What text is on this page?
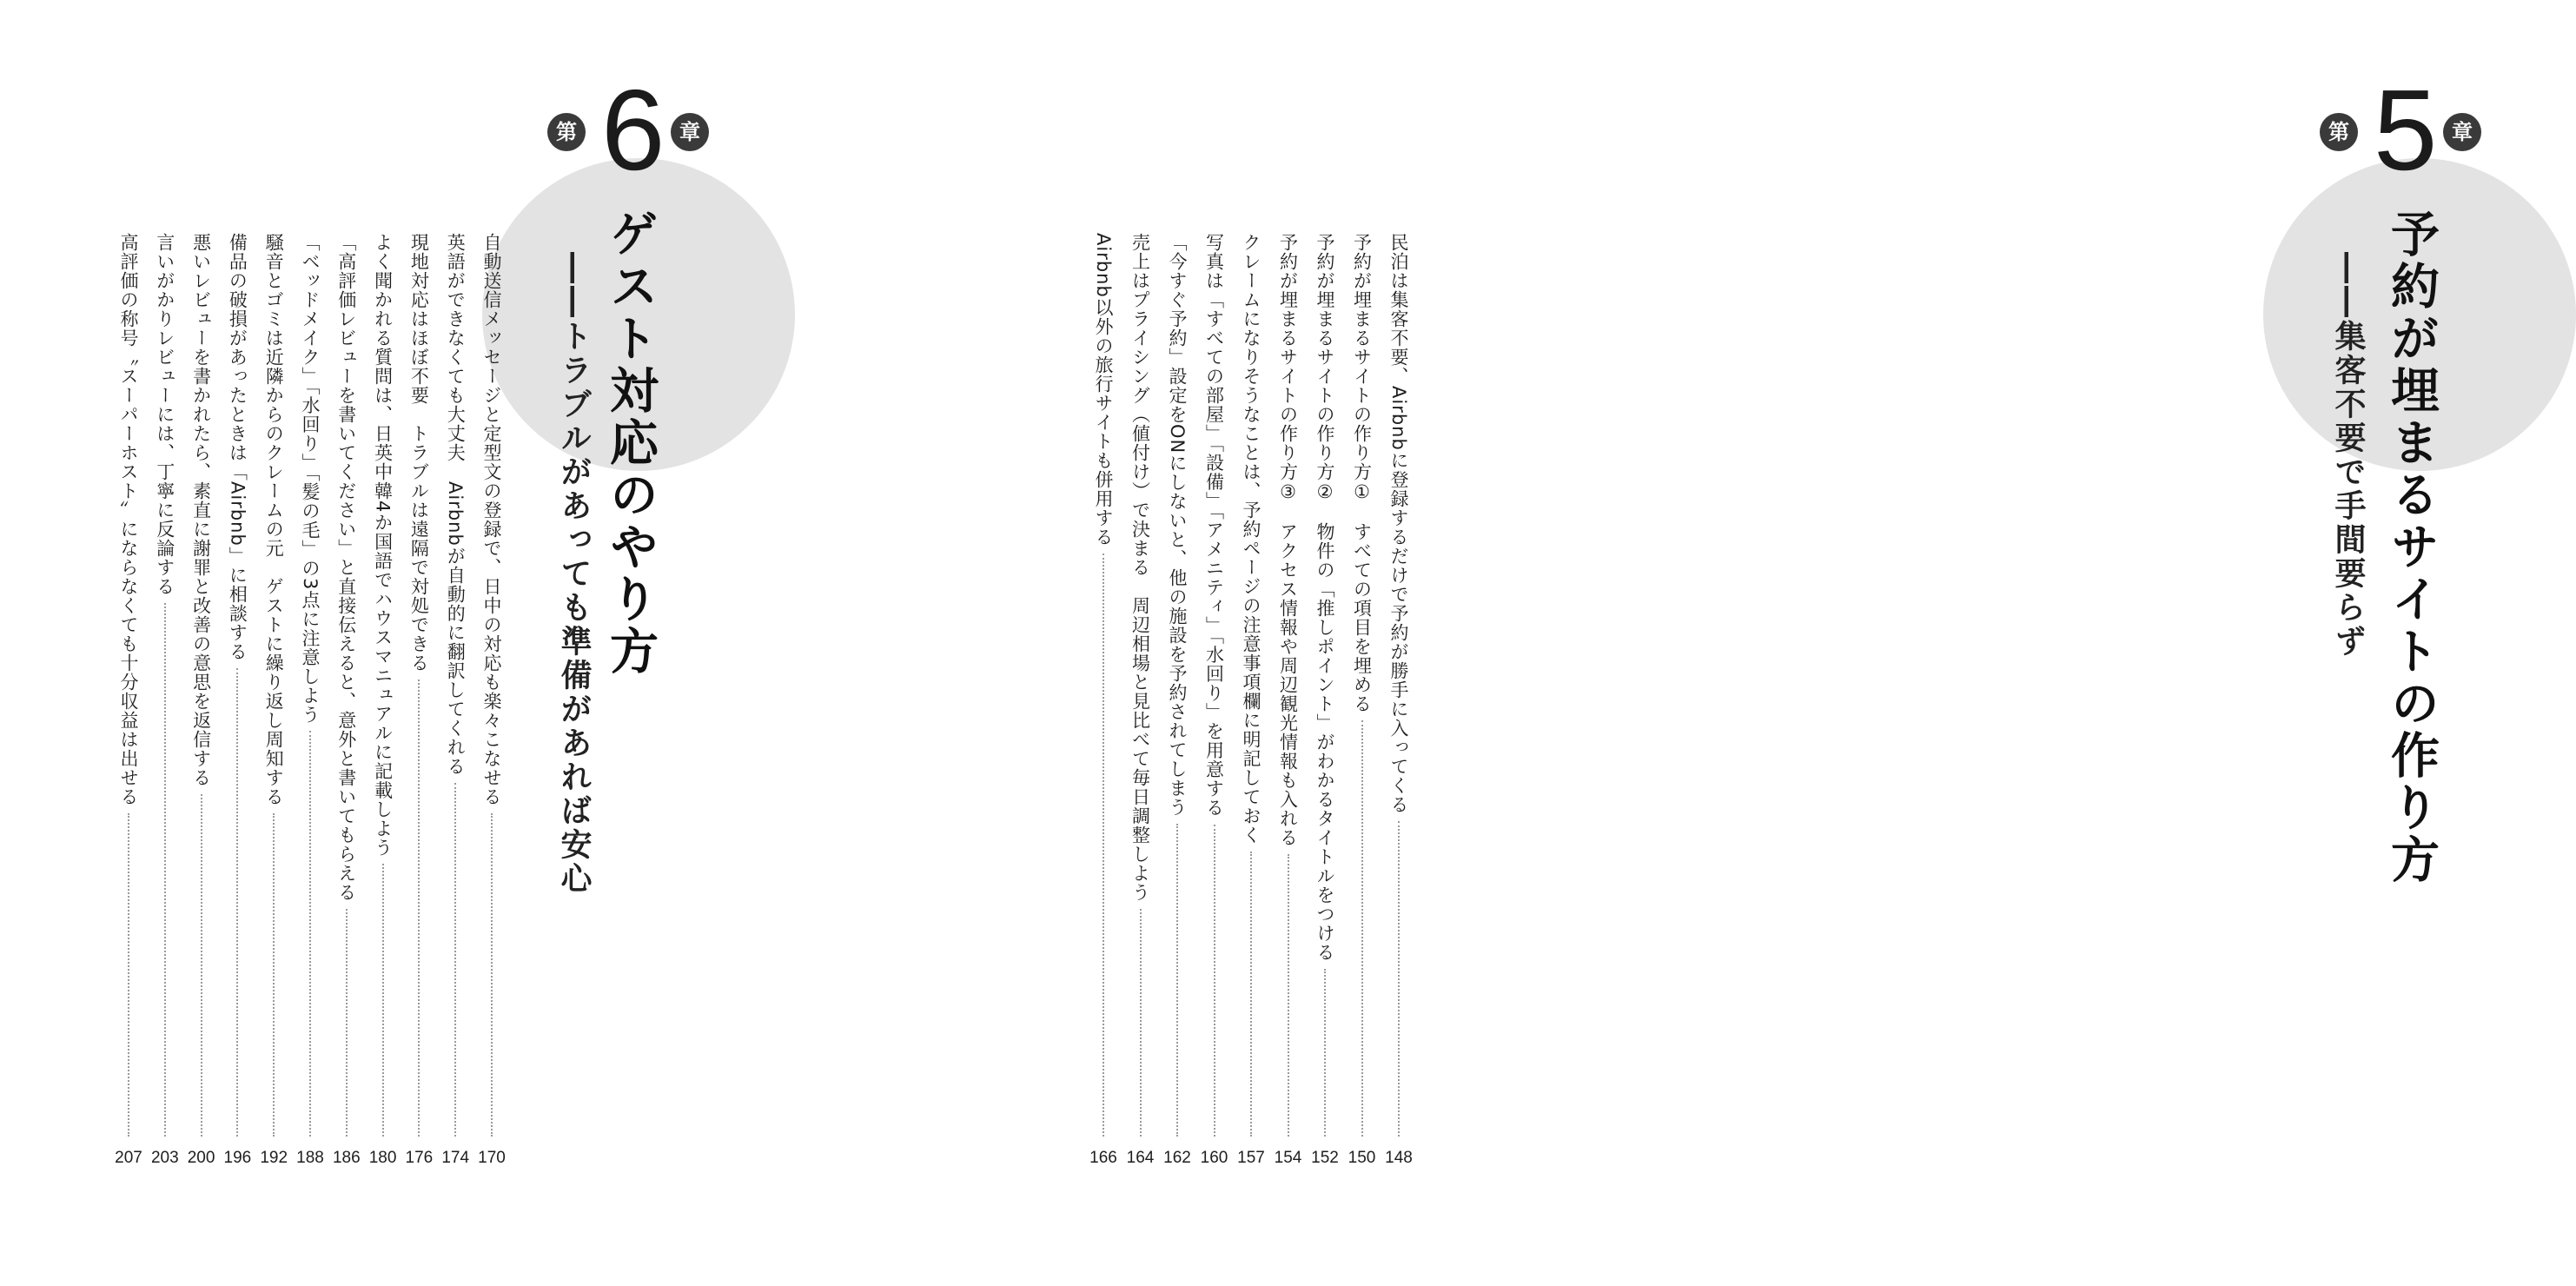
第 6 章
ゲスト対応のやり方
――トラブルがあっても準備があれば安心
自動送信メッセージと定型文の登録で、日中の対応も楽々こなせる
170
英語ができなくても大丈夫　Airbnbが自動的に翻訳してくれる
174
現地対応はほぼ不要　トラブルは遠隔で対処できる
176
よく聞かれる質問は、日英中韓4か国語でハウスマニュアルに記載しよう
180
「高評価レビューを書いてください」と直接伝えると、意外と書いてもらえる
186
「ベッドメイク」「水回り」「髪の毛」の3点に注意しよう
188
騒音とゴミは近隣からのクレームの元　ゲストに繰り返し周知する
192
備品の破損があったときは「Airbnb」に相談する
196
悪いレビューを書かれたら、素直に謝罪と改善の意思を返信する
200
言いがかりレビューには、丁寧に反論する
203
高評価の称号〝スーパーホスト〟にならなくても十分収益は出せる
207
第 5 章
予約が埋まるサイトの作り方
――集客不要で手間要らず
民泊は集客不要、Airbnbに登録するだけで予約が勝手に入ってくる
148
予約が埋まるサイトの作り方①　すべての項目を埋める
150
予約が埋まるサイトの作り方②　物件の「推しポイント」がわかるタイトルをつける
152
予約が埋まるサイトの作り方③　アクセス情報や周辺観光情報も入れる
154
クレームになりそうなことは、予約ページの注意事項欄に明記しておく
157
写真は「すべての部屋」「設備」「アメニティ」「水回り」を用意する
160
「今すぐ予約」設定をONにしないと、他の施設を予約されてしまう
162
売上はプライシング（値付け）で決まる　周辺相場と見比べて毎日調整しよう
164
Airbnb以外の旅行サイトも併用する
166
